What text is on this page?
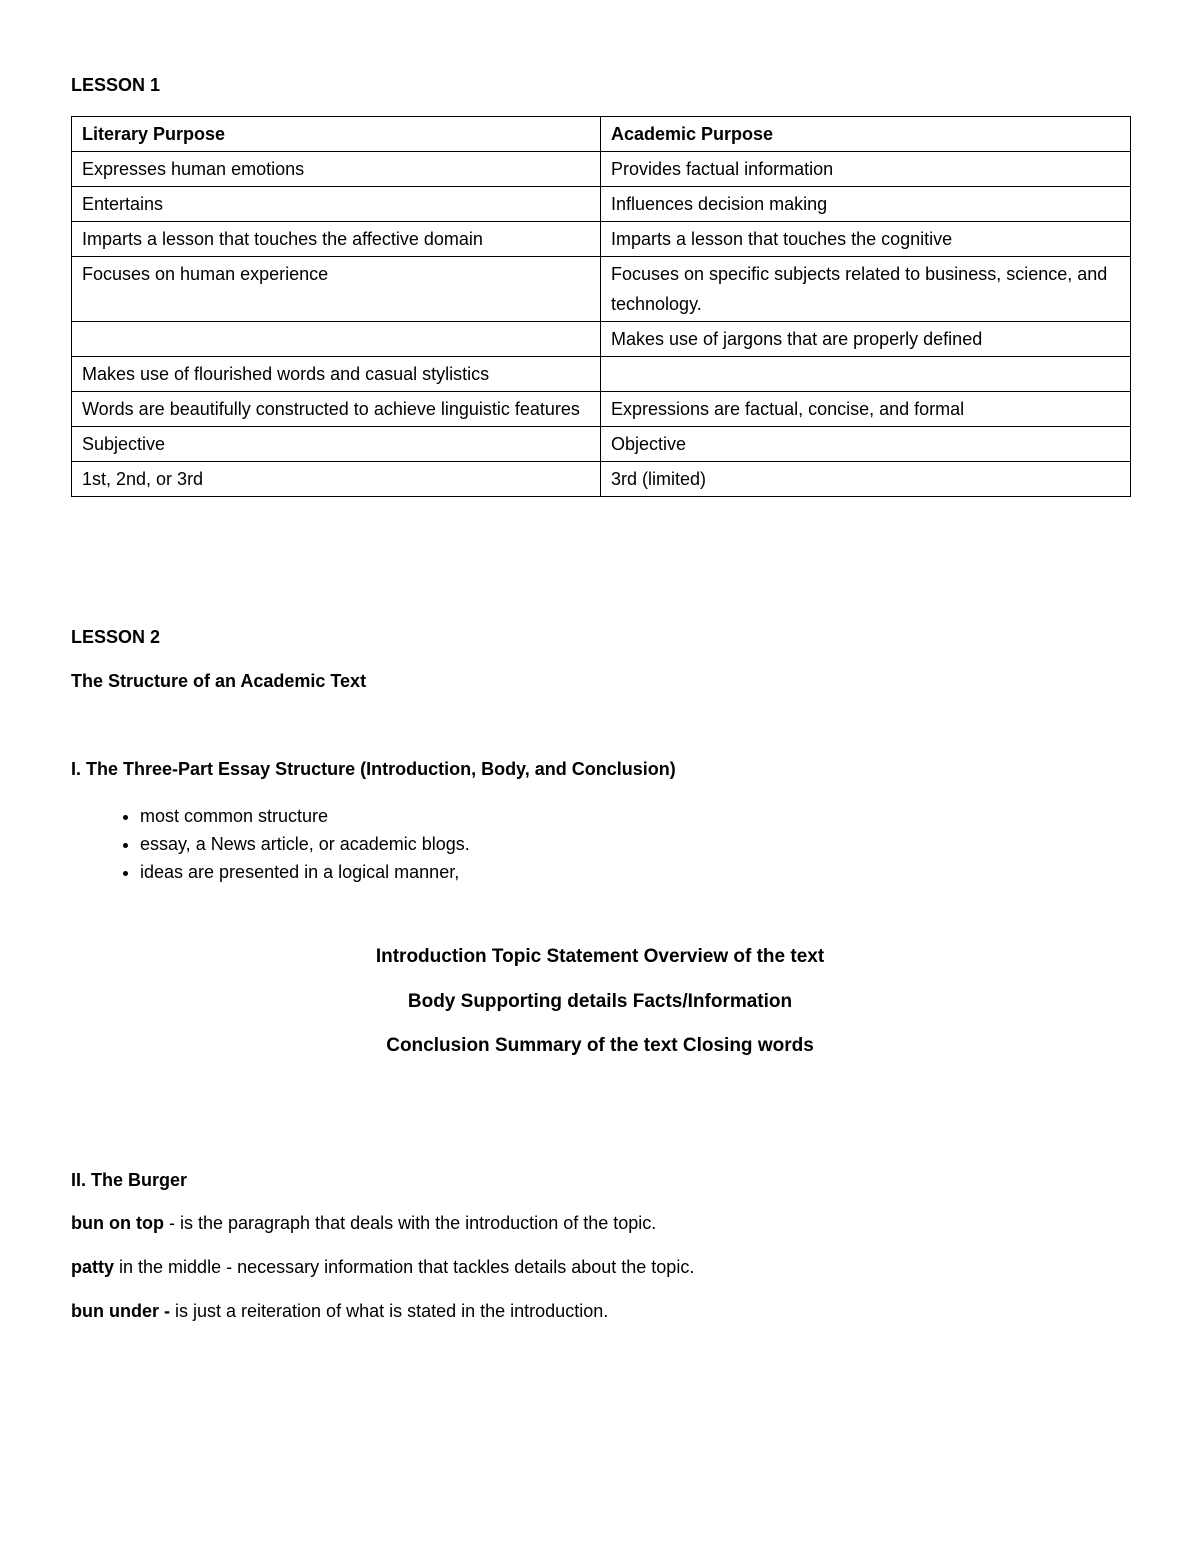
LESSON 1
Literary Purpose	Academic Purpose
Expresses human emotions	Provides factual information
Entertains	Influences decision making
Imparts a lesson that touches the affective domain	Imparts a lesson that touches the cognitive
Focuses on human experience	Focuses on specific subjects related to business, science, and technology.
	Makes use of jargons that are properly defined
Makes use of flourished words and casual stylistics	
Words are beautifully constructed to achieve linguistic features	Expressions are factual, concise, and formal
Subjective	Objective
1st, 2nd, or 3rd	3rd (limited)
LESSON 2
The Structure of an Academic Text
I. The Three-Part Essay Structure (Introduction, Body, and Conclusion)
• most common structure
• essay, a News article, or academic blogs.
• ideas are presented in a logical manner,
Introduction Topic Statement Overview of the text
Body Supporting details Facts/Information
Conclusion Summary of the text Closing words
II. The Burger
bun on top - is the paragraph that deals with the introduction of the topic.
patty in the middle - necessary information that tackles details about the topic.
bun under - is just a reiteration of what is stated in the introduction.
